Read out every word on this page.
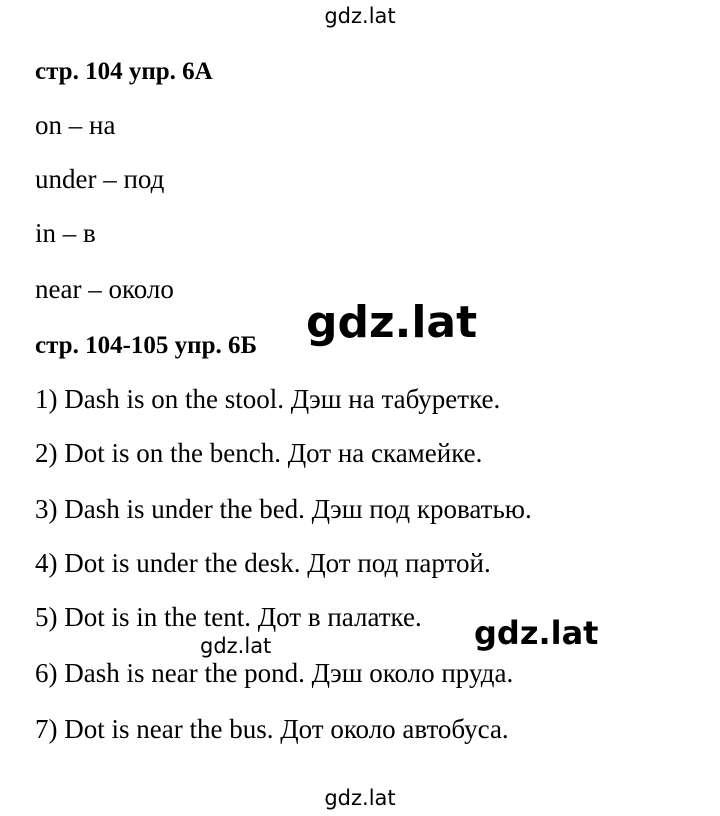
gdz.lat
стр. 104 упр. 6А
on – на
under – под
in – в
near – около
стр. 104-105 упр. 6Б
1) Dash is on the stool. Дэш на табуретке.
2) Dot is on the bench. Дот на скамейке.
3) Dash is under the bed. Дэш под кроватью.
4) Dot is under the desk. Дот под партой.
5) Dot is in the tent. Дот в палатке.
6) Dash is near the pond. Дэш около пруда.
7) Dot is near the bus. Дот около автобуса.
gdz.lat
gdz.lat	gdz.lat
gdz.lat
